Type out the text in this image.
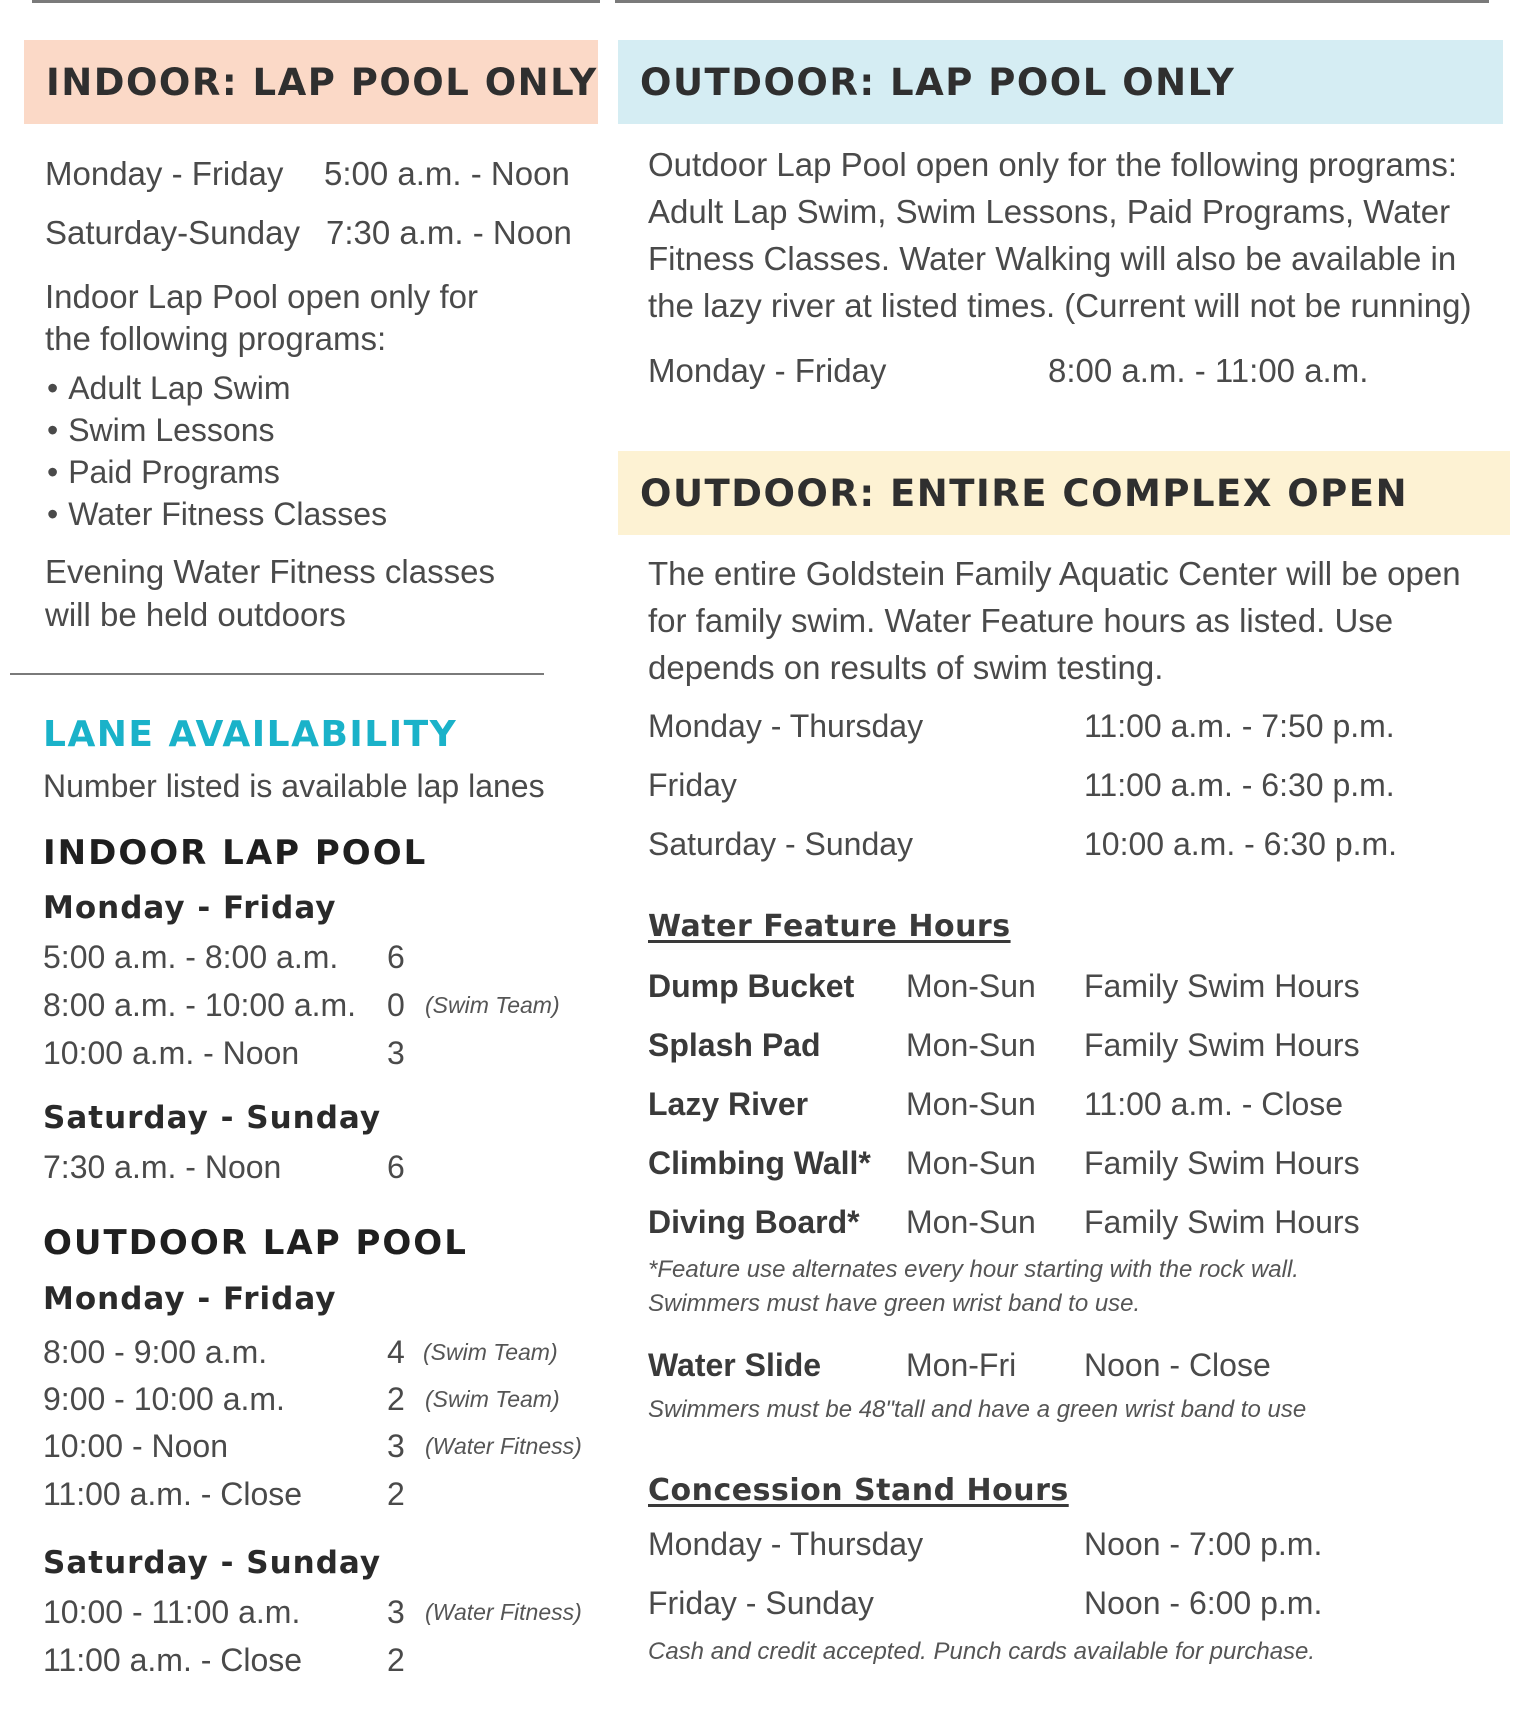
INDOOR: LAP POOL ONLY
Monday - Friday 5:00 a.m. - Noon
Saturday-Sunday 7:30 a.m. - Noon
Indoor Lap Pool open only for the following programs:
• Adult Lap Swim
• Swim Lessons
• Paid Programs
• Water Fitness Classes
Evening Water Fitness classes will be held outdoors
LANE AVAILABILITY
Number listed is available lap lanes
INDOOR LAP POOL
Monday - Friday
5:00 a.m. - 8:00 a.m. 6
8:00 a.m. - 10:00 a.m. 0 (Swim Team)
10:00 a.m. - Noon	3
Saturday - Sunday
7:30 a.m. - Noon	6
OUTDOOR LAP POOL
Monday - Friday
8:00 - 9:00 a.m.	4 (Swim Team)
9:00 - 10:00 a.m.	2 (Swim Team)
10:00 - Noon	3 (Water Fitness)
11:00 a.m. - Close	2
Saturday - Sunday
10:00 - 11:00 a.m.	3 (Water Fitness)
11:00 a.m. - Close	2
OUTDOOR: LAP POOL ONLY
Outdoor Lap Pool open only for the following programs: Adult Lap Swim, Swim Lessons, Paid Programs, Water Fitness Classes. Water Walking will also be available in the lazy river at listed times. (Current will not be running)
Monday - Friday	8:00 a.m. - 11:00 a.m.
OUTDOOR: ENTIRE COMPLEX OPEN
The entire Goldstein Family Aquatic Center will be open for family swim. Water Feature hours as listed. Use depends on results of swim testing.
Monday - Thursday	11:00 a.m. - 7:50 p.m.
Friday	11:00 a.m. - 6:30 p.m.
Saturday - Sunday	10:00 a.m. - 6:30 p.m.
Water Feature Hours
Dump Bucket Mon-Sun Family Swim Hours
Splash Pad	Mon-Sun Family Swim Hours
Lazy River	Mon-Sun 11:00 a.m. - Close
Climbing Wall* Mon-Sun Family Swim Hours
Diving Board* Mon-Sun Family Swim Hours
*Feature use alternates every hour starting with the rock wall.
Swimmers must have green wrist band to use.
Water Slide	Mon-Fri Noon - Close
Swimmers must be 48"tall and have a green wrist band to use
Concession Stand Hours
Monday - Thursday	Noon - 7:00 p.m.
Friday - Sunday	Noon - 6:00 p.m.
Cash and credit accepted. Punch cards available for purchase.
